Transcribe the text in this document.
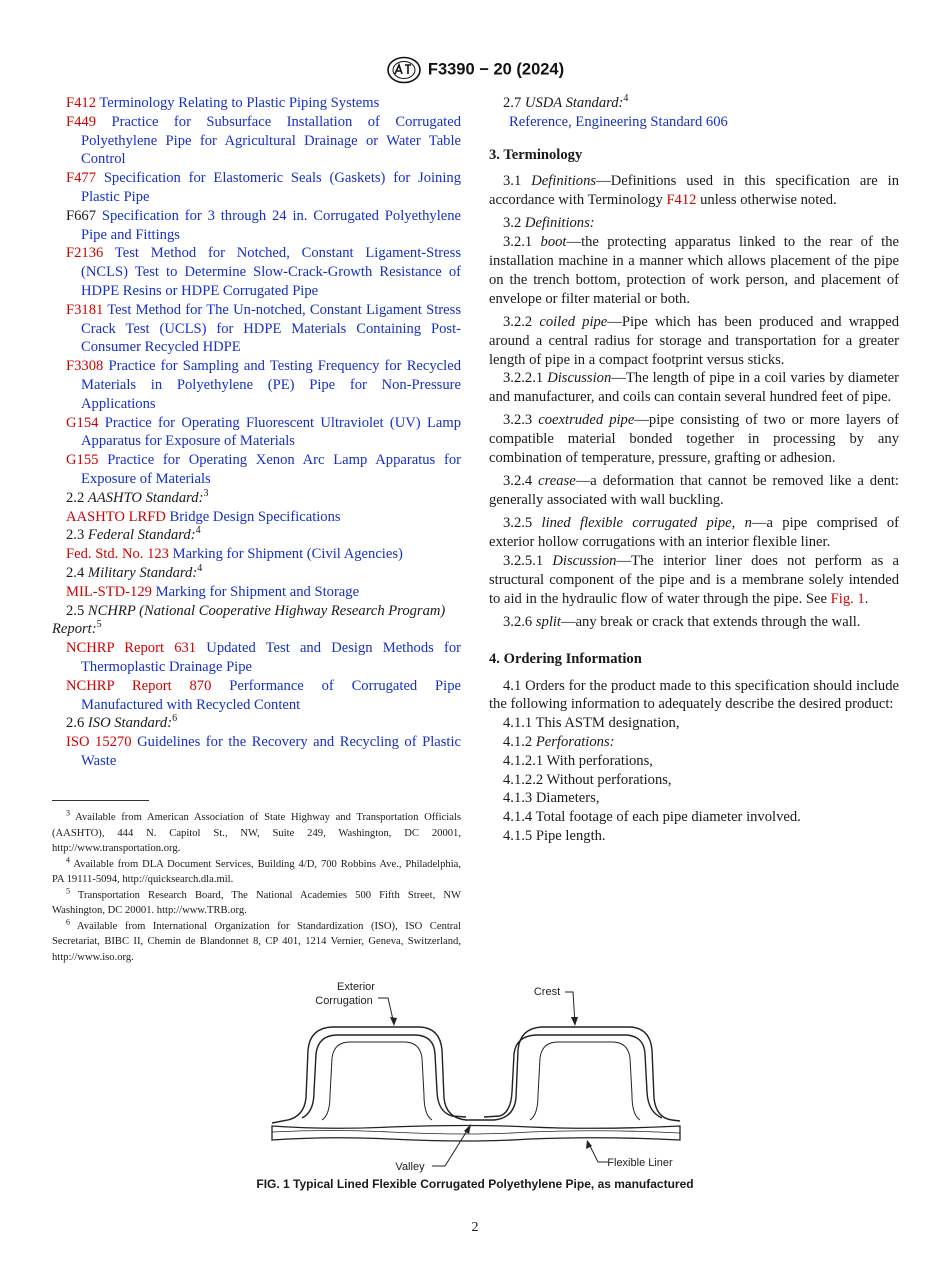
F3390 − 20 (2024)

F412 Terminology Relating to Plastic Piping Systems

F449 Practice for Subsurface Installation of Corrugated Polyethylene Pipe for Agricultural Drainage or Water Table Control

F477 Specification for Elastomeric Seals (Gaskets) for Joining Plastic Pipe

F667 Specification for 3 through 24 in. Corrugated Polyethylene Pipe and Fittings

F2136 Test Method for Notched, Constant Ligament-Stress (NCLS) Test to Determine Slow-Crack-Growth Resistance of HDPE Resins or HDPE Corrugated Pipe

F3181 Test Method for The Un-notched, Constant Ligament Stress Crack Test (UCLS) for HDPE Materials Containing Post- Consumer Recycled HDPE

F3308 Practice for Sampling and Testing Frequency for Recycled Materials in Polyethylene (PE) Pipe for Non-Pressure Applications

G154 Practice for Operating Fluorescent Ultraviolet (UV) Lamp Apparatus for Exposure of Materials

G155 Practice for Operating Xenon Arc Lamp Apparatus for Exposure of Materials

2.2 AASHTO Standard:$^3$

AASHTO LRFD Bridge Design Specifications

2.3 Federal Standard:$^4$

Fed. Std. No. 123 Marking for Shipment (Civil Agencies)

2.4 Military Standard:$^4$

MIL-STD-129 Marking for Shipment and Storage

2.5 NCHRP (National Cooperative Highway Research Program) Report:$^5$

NCHRP Report 631 Updated Test and Design Methods for Thermoplastic Drainage Pipe

NCHRP Report 870 Performance of Corrugated Pipe Manufactured with Recycled Content

2.6 ISO Standard:$^6$

ISO 15270 Guidelines for the Recovery and Recycling of Plastic Waste

$^3$ Available from American Association of State Highway and Transportation Officials (AASHTO), 444 N. Capitol St., NW, Suite 249, Washington, DC 20001, http://www.transportation.org.

$^4$ Available from DLA Document Services, Building 4/D, 700 Robbins Ave., Philadelphia, PA 19111-5094, http://quicksearch.dla.mil.

$^5$ Transportation Research Board, The National Academies 500 Fifth Street, NW Washington, DC 20001. http://www.TRB.org.

$^6$ Available from International Organization for Standardization (ISO), ISO Central Secretariat, BIBC II, Chemin de Blandonnet 8, CP 401, 1214 Vernier, Geneva, Switzerland, http://www.iso.org.

2.7 USDA Standard:$^4$

Reference, Engineering Standard 606

3. Terminology

3.1 Definitions—Definitions used in this specification are in accordance with Terminology F412 unless otherwise noted.

3.2 Definitions:

3.2.1 boot—the protecting apparatus linked to the rear of the installation machine in a manner which allows placement of the pipe on the trench bottom, protection of work person, and placement of envelope or filter material or both.

3.2.2 coiled pipe—Pipe which has been produced and wrapped around a central radius for storage and transportation for a greater length of pipe in a compact footprint versus sticks.

3.2.2.1 Discussion—The length of pipe in a coil varies by diameter and manufacturer, and coils can contain several hundred feet of pipe.

3.2.3 coextruded pipe—pipe consisting of two or more layers of compatible material bonded together in processing by any combination of temperature, pressure, grafting or adhesion.

3.2.4 crease—a deformation that cannot be removed like a dent: generally associated with wall buckling.

3.2.5 lined flexible corrugated pipe, n—a pipe comprised of exterior hollow corrugations with an interior flexible liner.

3.2.5.1 Discussion—The interior liner does not perform as a structural component of the pipe and is a membrane solely intended to aid in the hydraulic flow of water through the pipe. See Fig. 1.

3.2.6 split—any break or crack that extends through the wall.

4. Ordering Information

4.1 Orders for the product made to this specification should include the following information to adequately describe the desired product:

4.1.1 This ASTM designation,

4.1.2 Perforations:

4.1.2.1 With perforations,

4.1.2.2 Without perforations,

4.1.3 Diameters,

4.1.4 Total footage of each pipe diameter involved.

4.1.5 Pipe length.

Exterior
Corrugation
Crest
Valley	Flexible Liner
FIG. 1 Typical Lined Flexible Corrugated Polyethylene Pipe, as manufactured
2
